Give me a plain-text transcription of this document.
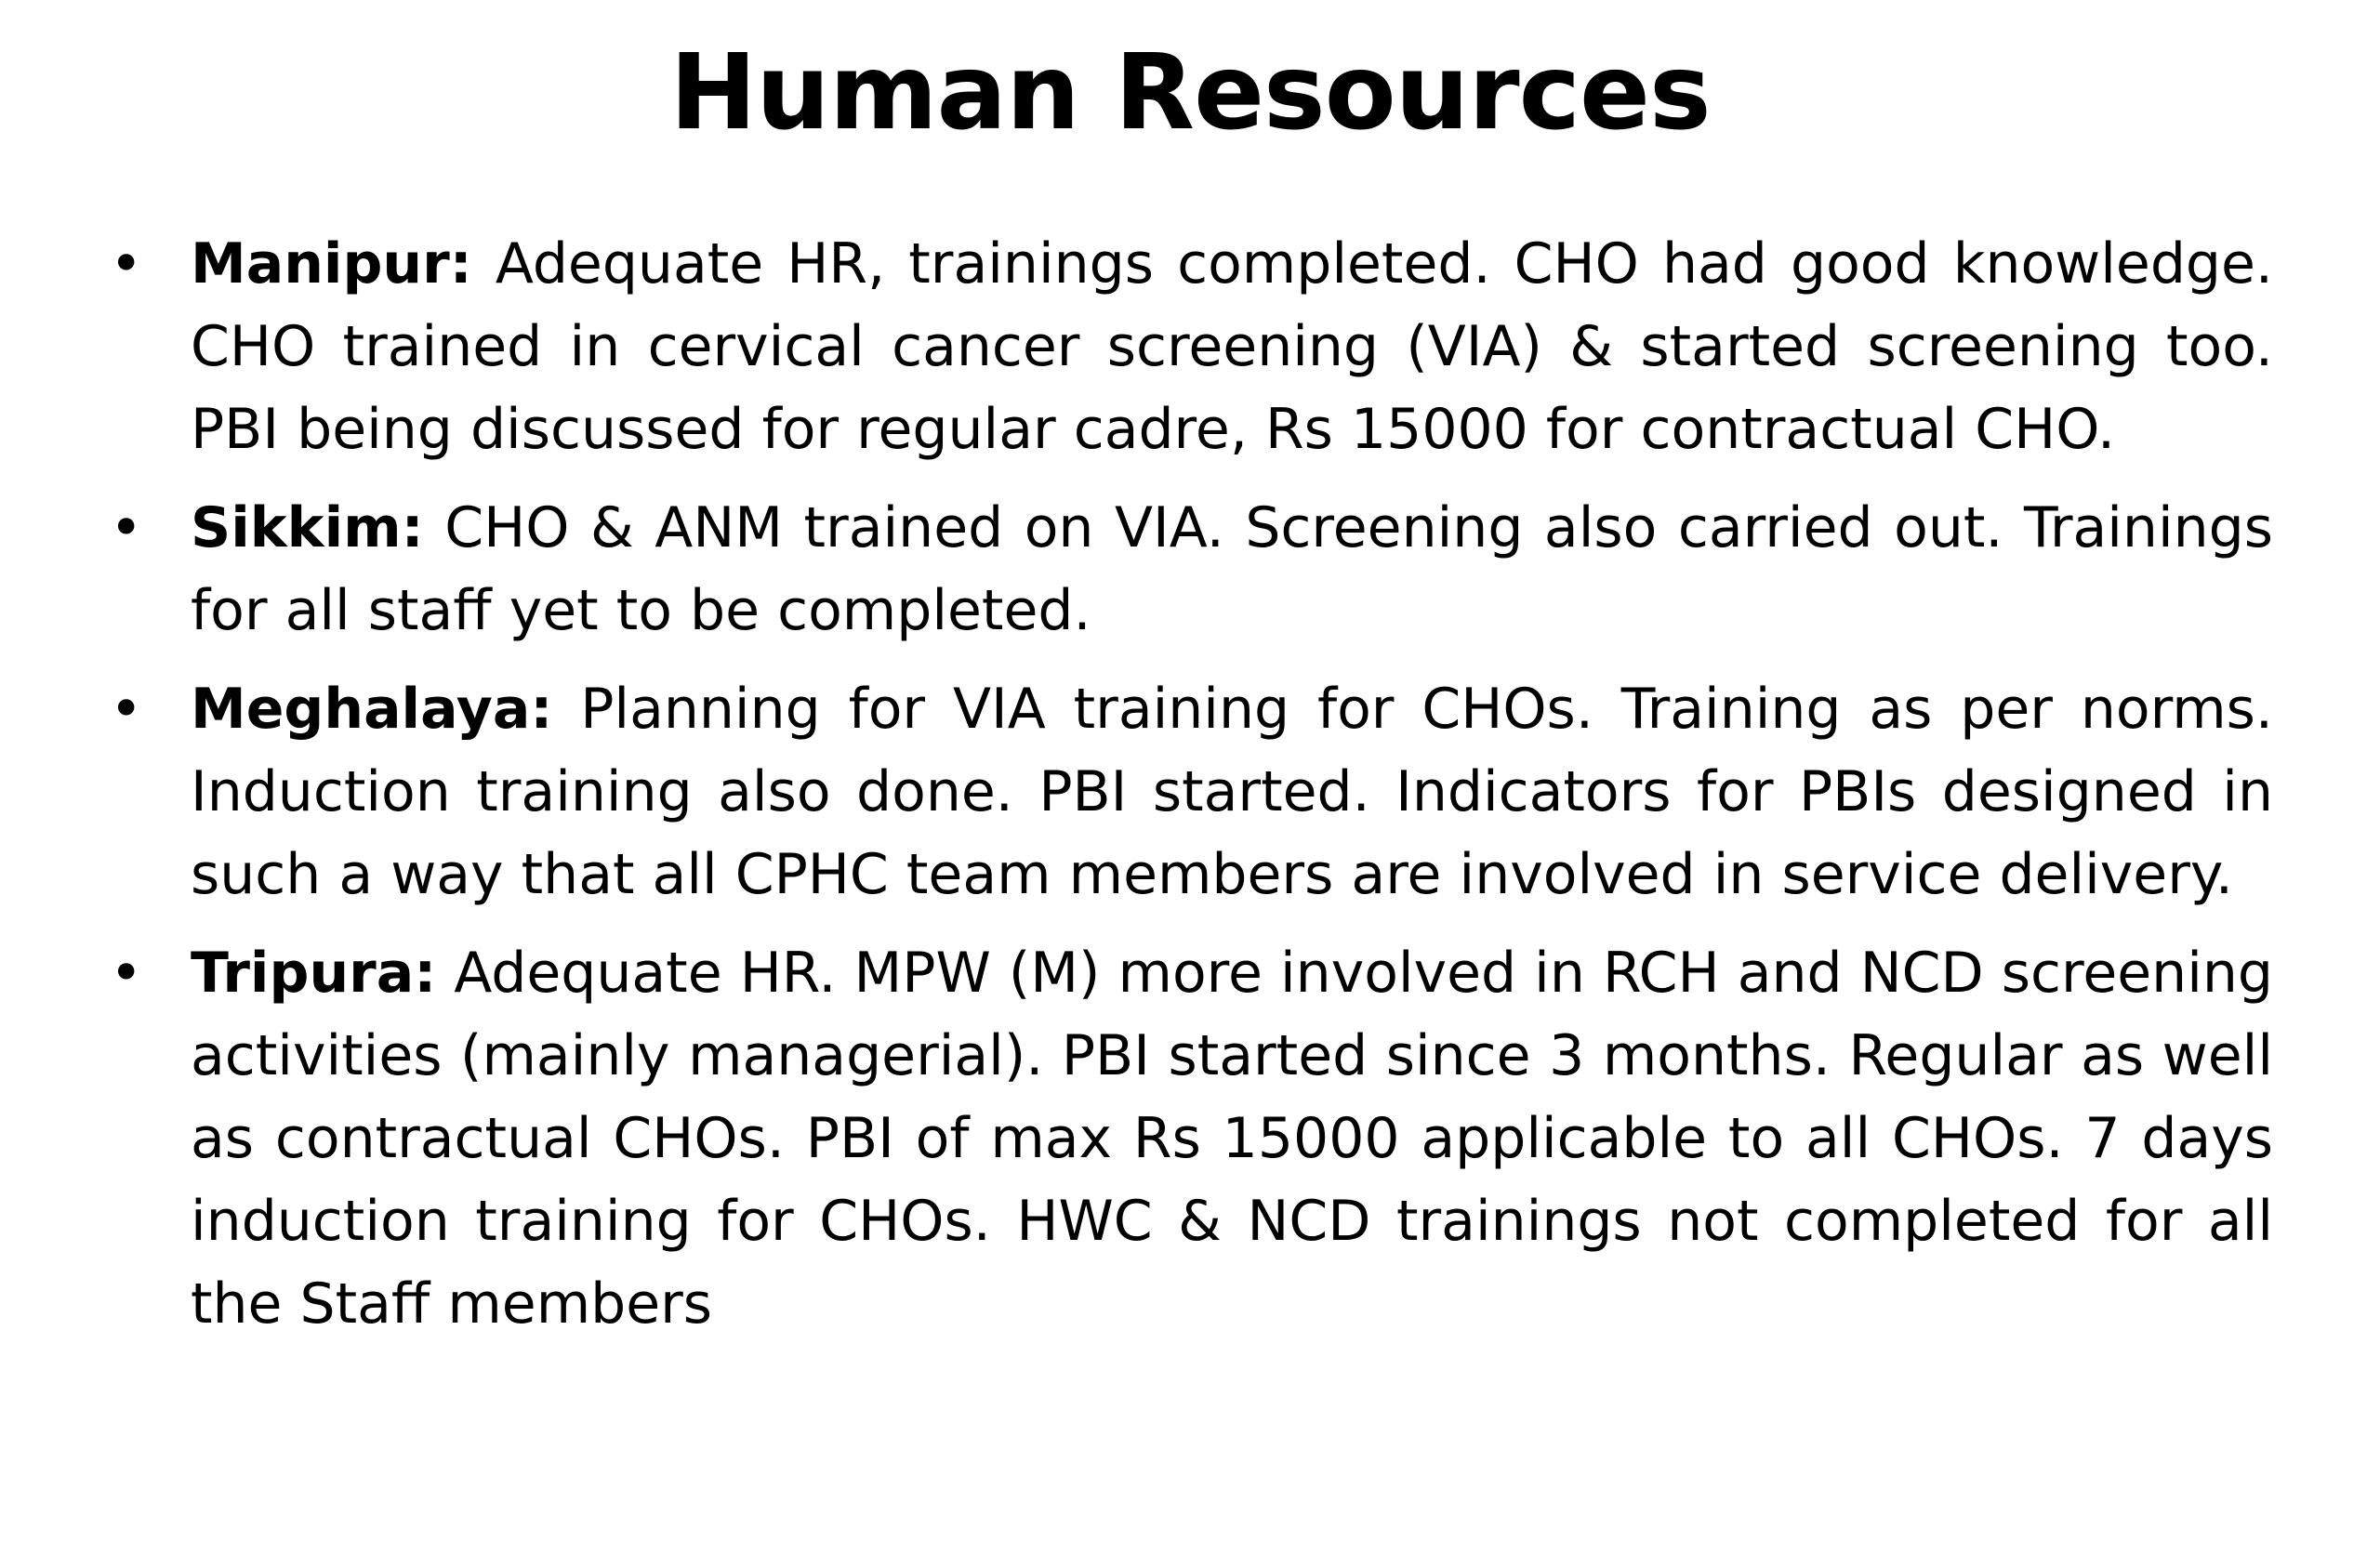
Human Resources
• Manipur: Adequate HR, trainings completed. CHO had good knowledge. CHO trained in cervical cancer screening (VIA) & started screening too. PBI being discussed for regular cadre, Rs 15000 for contractual CHO.
• Sikkim: CHO & ANM trained on VIA. Screening also carried out. Trainings for all staff yet to be completed.
• Meghalaya: Planning for VIA training for CHOs. Training as per norms. Induction training also done. PBI started. Indicators for PBIs designed in such a way that all CPHC team members are involved in service delivery.
• Tripura: Adequate HR. MPW (M) more involved in RCH and NCD screening activities (mainly managerial). PBI started since 3 months. Regular as well as contractual CHOs. PBI of max Rs 15000 applicable to all CHOs. 7 days induction training for CHOs. HWC & NCD trainings not completed for all the Staff members
